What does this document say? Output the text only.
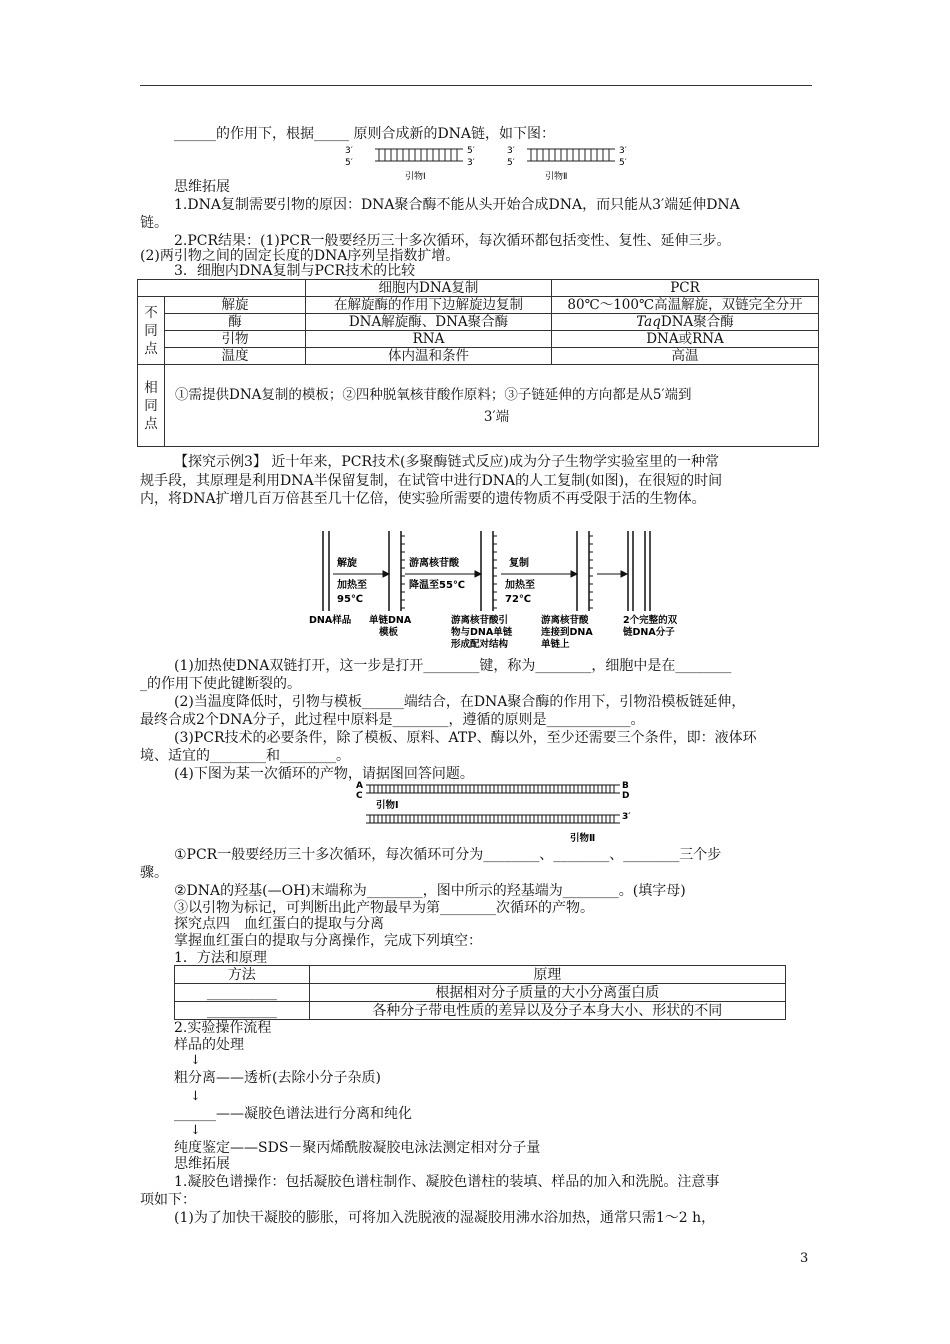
______的作用下，根据_____ 原则合成新的DNA链，如下图：
3′
5′
5′
3′
引物Ⅰ
3′
5′
3′
5′
引物Ⅱ
思维拓展
1.DNA复制需要引物的原因：DNA聚合酶不能从头开始合成DNA，而只能从3′端延伸DNA
链。
2.PCR结果：(1)PCR一般要经历三十多次循环，每次循环都包括变性、复性、延伸三步。
(2)两引物之间的固定长度的DNA序列呈指数扩增。
3．细胞内DNA复制与PCR技术的比较
		细胞内DNA复制	PCR
不同点	解旋	在解旋酶的作用下边解旋边复制	80℃～100℃高温解旋，双链完全分开
	酶	DNA解旋酶、DNA聚合酶	TaqDNA聚合酶
	引物	RNA	DNA或RNA
	温度	体内温和条件	高温
相同点	①需提供DNA复制的模板；②四种脱氧核苷酸作原料；③子链延伸的方向都是从5′端到
3′端		
【探究示例3】 近十年来，PCR技术(多聚酶链式反应)成为分子生物学实验室里的一种常
规手段，其原理是利用DNA半保留复制，在试管中进行DNA的人工复制(如图)，在很短的时间
内，将DNA扩增几百万倍甚至几十亿倍，使实验所需要的遗传物质不再受限于活的生物体。
解旋
加热至
95℃
游离核苷酸
降温至55℃
复制
加热至
72℃
DNA样品 单链DNA
模板
游离核苷酸引
物与DNA单链
形成配对结构
游离核苷酸
连接到DNA
单链上
2个完整的双
链DNA分子
(1)加热使DNA双链打开，这一步是打开________键，称为________，细胞中是在________
_的作用下使此键断裂的。
(2)当温度降低时，引物与模板______端结合，在DNA聚合酶的作用下，引物沿模板链延伸，
最终合成2个DNA分子，此过程中原料是________，遵循的原则是____________。
(3)PCR技术的必要条件，除了模板、原料、ATP、酶以外，至少还需要三个条件，即：液体环
境、适宜的________和________。
(4)下图为某一次循环的产物，请据图回答问题。
A
C
B
D
引物Ⅰ
3′
引物Ⅱ
①PCR一般要经历三十多次循环，每次循环可分为________、________、________三个步
骤。
②DNA的羟基(—OH)末端称为________，图中所示的羟基端为________。(填字母)
③以引物为标记，可判断出此产物最早为第________次循环的产物。
探究点四　血红蛋白的提取与分离
掌握血红蛋白的提取与分离操作，完成下列填空：
1．方法和原理
方法	原理
__________	根据相对分子质量的大小分离蛋白质
__________	各种分子带电性质的差异以及分子本身大小、形状的不同
2.实验操作流程
样品的处理
↓
粗分离——透析(去除小分子杂质)
↓
______——凝胶色谱法进行分离和纯化
↓
纯度鉴定——SDS－聚丙烯酰胺凝胶电泳法测定相对分子量
思维拓展
1.凝胶色谱操作：包括凝胶色谱柱制作、凝胶色谱柱的装填、样品的加入和洗脱。注意事
项如下：
(1)为了加快干凝胶的膨胀，可将加入洗脱液的湿凝胶用沸水浴加热，通常只需1～2 h，
3
